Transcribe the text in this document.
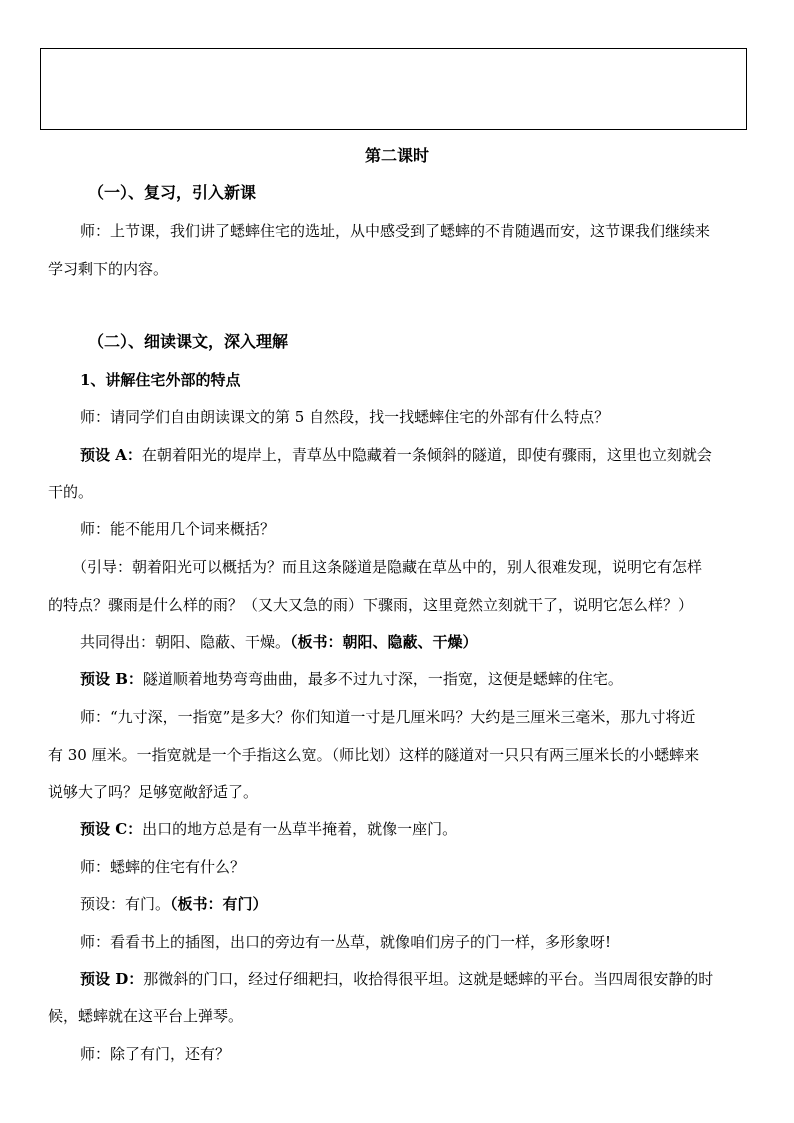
第二课时
（一）、复习，引入新课
师：上节课，我们讲了蟋蟀住宅的选址，从中感受到了蟋蟀的不肯随遇而安，这节课我们继续来
学习剩下的内容。
（二）、细读课文，深入理解
1、讲解住宅外部的特点
师：请同学们自由朗读课文的第 5 自然段，找一找蟋蟀住宅的外部有什么特点？
预设 A：在朝着阳光的堤岸上，青草丛中隐藏着一条倾斜的隧道，即使有骤雨，这里也立刻就会
干的。
师：能不能用几个词来概括？
（引导：朝着阳光可以概括为？而且这条隧道是隐藏在草丛中的，别人很难发现，说明它有怎样
的特点？骤雨是什么样的雨？（又大又急的雨）下骤雨，这里竟然立刻就干了，说明它怎么样？）
共同得出：朝阳、隐蔽、干燥。（板书：朝阳、隐蔽、干燥）
预设 B：隧道顺着地势弯弯曲曲，最多不过九寸深，一指宽，这便是蟋蟀的住宅。
师：“九寸深，一指宽”是多大？你们知道一寸是几厘米吗？大约是三厘米三毫米，那九寸将近
有 30 厘米。一指宽就是一个手指这么宽。（师比划）这样的隧道对一只只有两三厘米长的小蟋蟀来
说够大了吗？足够宽敞舒适了。
预设 C：出口的地方总是有一丛草半掩着，就像一座门。
师：蟋蟀的住宅有什么？
预设：有门。（板书：有门）
师：看看书上的插图，出口的旁边有一丛草，就像咱们房子的门一样，多形象呀!
预设 D：那微斜的门口，经过仔细耙扫，收拾得很平坦。这就是蟋蟀的平台。当四周很安静的时
候，蟋蟀就在这平台上弹琴。
师：除了有门，还有？
